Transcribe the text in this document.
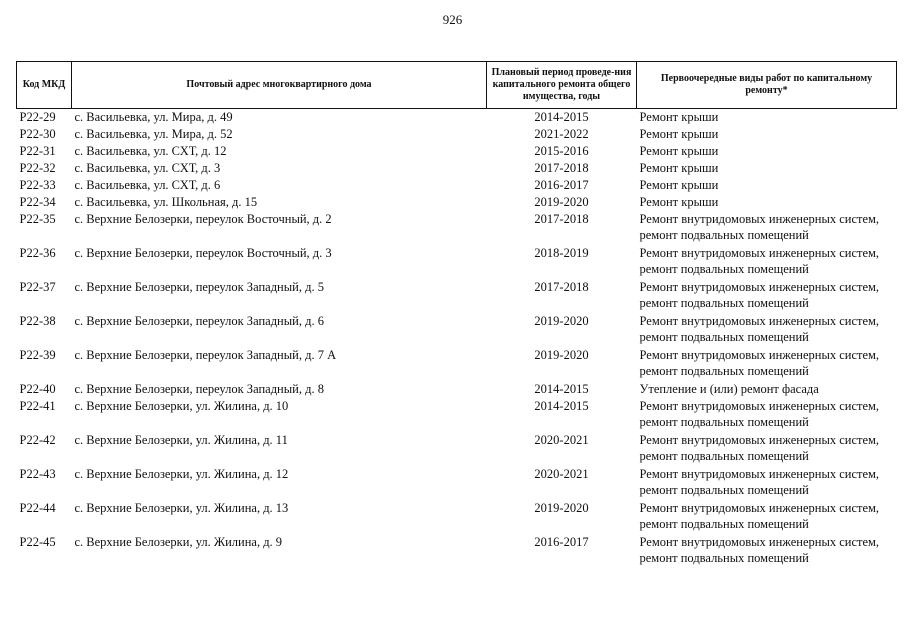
926
Код МКД	Почтовый адрес многоквартирного дома	Плановый период проведе-ния капитального ремонта общего имущества, годы	Первоочередные виды работ по капитальному ремонту*
Р22-29	с. Васильевка, ул. Мира, д. 49	2014-2015	Ремонт крыши

Р22-30	с. Васильевка, ул. Мира, д. 52	2021-2022	Ремонт крыши

Р22-31	с. Васильевка, ул. СХТ, д. 12	2015-2016	Ремонт крыши

Р22-32	с. Васильевка, ул. СХТ, д. 3	2017-2018	Ремонт крыши

Р22-33	с. Васильевка, ул. СХТ, д. 6	2016-2017	Ремонт крыши

Р22-34	с. Васильевка, ул. Школьная, д. 15	2019-2020	Ремонт крыши

Р22-35	с. Верхние Белозерки, переулок Восточный, д. 2	2017-2018	Ремонт внутридомовых инженерных систем,
ремонт подвальных помещений

Р22-36	с. Верхние Белозерки, переулок Восточный, д. 3	2018-2019	Ремонт внутридомовых инженерных систем,
ремонт подвальных помещений

Р22-37	с. Верхние Белозерки, переулок Западный, д. 5	2017-2018	Ремонт внутридомовых инженерных систем,
ремонт подвальных помещений

Р22-38	с. Верхние Белозерки, переулок Западный, д. 6	2019-2020	Ремонт внутридомовых инженерных систем,
ремонт подвальных помещений

Р22-39	с. Верхние Белозерки, переулок Западный, д. 7 А	2019-2020	Ремонт внутридомовых инженерных систем,
ремонт подвальных помещений

Р22-40	с. Верхние Белозерки, переулок Западный, д. 8	2014-2015	Утепление и (или) ремонт фасада

Р22-41	с. Верхние Белозерки, ул. Жилина, д. 10	2014-2015	Ремонт внутридомовых инженерных систем,
ремонт подвальных помещений

Р22-42	с. Верхние Белозерки, ул. Жилина, д. 11	2020-2021	Ремонт внутридомовых инженерных систем,
ремонт подвальных помещений

Р22-43	с. Верхние Белозерки, ул. Жилина, д. 12	2020-2021	Ремонт внутридомовых инженерных систем,
ремонт подвальных помещений

Р22-44	с. Верхние Белозерки, ул. Жилина, д. 13	2019-2020	Ремонт внутридомовых инженерных систем,
ремонт подвальных помещений

Р22-45	с. Верхние Белозерки, ул. Жилина, д. 9	2016-2017	Ремонт внутридомовых инженерных систем,
ремонт подвальных помещений
